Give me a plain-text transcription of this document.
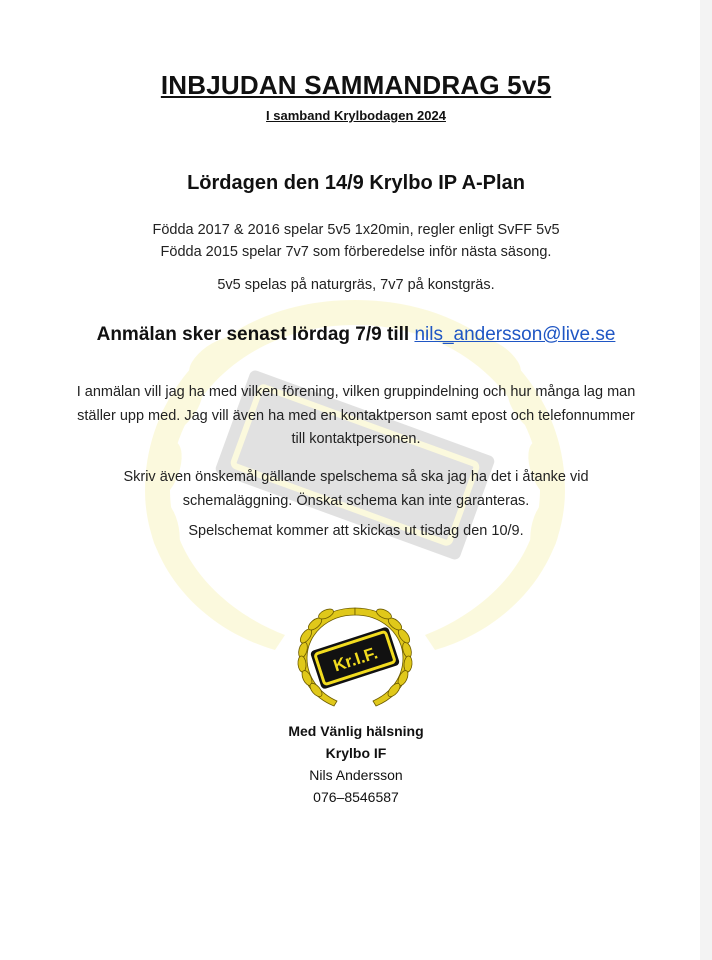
INBJUDAN SAMMANDRAG 5v5
I samband Krylbodagen 2024
Lördagen den 14/9 Krylbo IP A-Plan
Födda 2017 & 2016 spelar 5v5 1x20min, regler enligt SvFF 5v5
Födda 2015 spelar 7v7 som förberedelse inför nästa säsong.
5v5 spelas på naturgräs, 7v7 på konstgräs.
Anmälan sker senast lördag 7/9 till nils_andersson@live.se
I anmälan vill jag ha med vilken förening, vilken gruppindelning och hur många lag man ställer upp med. Jag vill även ha med en kontaktperson samt epost och telefonnummer till kontaktpersonen.
Skriv även önskemål gällande spelschema så ska jag ha det i åtanke vid schemaläggning. Önskat schema kan inte garanteras.
Spelschemat kommer att skickas ut tisdag den 10/9.
Kr.I.F.
Med Vänlig hälsning
Krylbo IF
Nils Andersson
076–8546587
